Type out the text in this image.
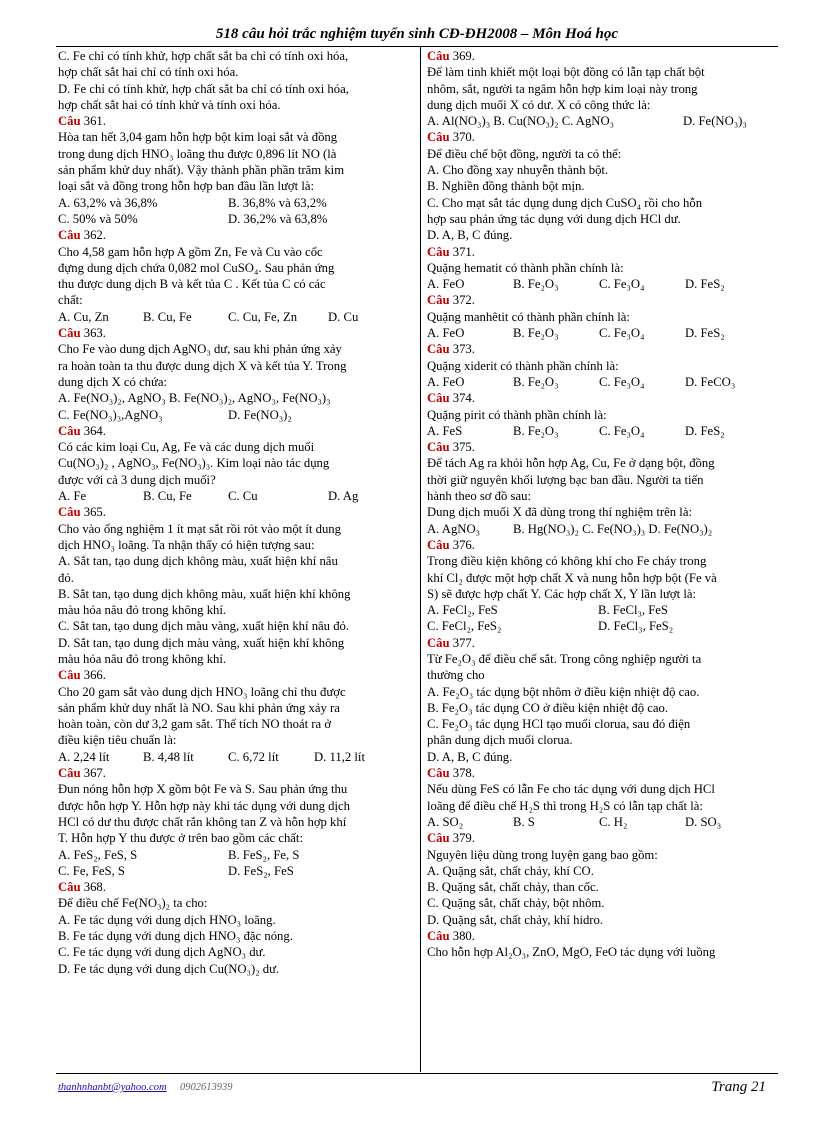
518 câu hỏi trắc nghiệm tuyển sinh CĐ-ĐH2008 – Môn Hoá học
C. Fe chỉ có tính khử, hợp chất sắt ba chỉ có tính oxi hóa,
hợp chất sắt hai chỉ có tính oxi hóa.
D. Fe chỉ có tính khử, hợp chất sắt ba chỉ có tính oxi hóa,
hợp chất sắt hai có tính khử và tính oxi hóa.
Câu 361.
Hòa tan hết 3,04 gam hỗn hợp bột kim loại sắt và đồng
trong dung dịch HNO₃ loãng thu được 0,896 lít NO (là
sản phẩm khử duy nhất). Vậy thành phần phần trăm kim
loại sắt và đồng trong hỗn hợp ban đầu lần lượt là:
A. 63,2% và 36,8%	B. 36,8% và 63,2%
C. 50% và 50%	D. 36,2% và 63,8%
Câu 362.
Cho 4,58 gam hỗn hợp A gồm Zn, Fe và Cu vào cốc
đựng dung dịch chứa 0,082 mol CuSO₄. Sau phản ứng
thu được dung dịch B và kết tủa C . Kết tủa C có các
chất:
A. Cu, Zn	B. Cu, Fe	C. Cu, Fe, Zn	D. Cu
Câu 363.
Cho Fe vào dung dịch AgNO₃ dư, sau khi phản ứng xảy
ra hoàn toàn ta thu được dung dịch X và kết tủa Y. Trong
dung dịch X có chứa:
A. Fe(NO₃)₂, AgNO₃ B. Fe(NO₃)₂, AgNO₃, Fe(NO₃)₃
C. Fe(NO₃)₃,AgNO₃	D. Fe(NO₃)₂
Câu 364.
Có các kim loại Cu, Ag, Fe và các dung dịch muối
Cu(NO₃)₂ , AgNO₃, Fe(NO₃)₃. Kim loại nào tác dụng
được với cả 3 dung dịch muối?
A. Fe	B. Cu, Fe	C. Cu	D. Ag
Câu 365.
Cho vào ống nghiệm 1 ít mạt sắt rồi rót vào một ít dung
dịch HNO₃ loãng. Ta nhận thấy có hiện tượng sau:
A. Sắt tan, tạo dung dịch không màu, xuất hiện khí nâu
đỏ.
B. Sắt tan, tạo dung dịch không màu, xuất hiện khí không
màu hóa nâu đỏ trong không khí.
C. Sắt tan, tạo dung dịch màu vàng, xuất hiện khí nâu đỏ.
D. Sắt tan, tạo dung dịch màu vàng, xuất hiện khí không
màu hóa nâu đỏ trong không khí.
Câu 366.
Cho 20 gam sắt vào dung dịch HNO₃ loãng chỉ thu được
sản phẩm khử duy nhất là NO. Sau khi phản ứng xảy ra
hoàn toàn, còn dư 3,2 gam sắt. Thể tích NO thoát ra ở
điều kiện tiêu chuẩn là:
A. 2,24 lít	B. 4,48 lít	C. 6,72 lít	D. 11,2 lít
Câu 367.
Đun nóng hỗn hợp X gồm bột Fe và S. Sau phản ứng thu
được hỗn hợp Y. Hỗn hợp này khi tác dụng với dung dịch
HCl có dư thu được chất rắn không tan Z và hỗn hợp khí
T. Hỗn hợp Y thu được ở trên bao gồm các chất:
A. FeS₂, FeS, S	B. FeS₂, Fe, S
C. Fe, FeS, S	D. FeS₂, FeS
Câu 368.
Để điều chế Fe(NO₃)₂ ta cho:
A. Fe tác dụng với dung dịch HNO₃ loãng.
B. Fe tác dụng với dung dịch HNO₃ đặc nóng.
C. Fe tác dụng với dung dịch AgNO₃ dư.
D. Fe tác dụng với dung dịch Cu(NO₃)₂ dư.
Câu 369.
Để làm tinh khiết một loại bột đồng có lẫn tạp chất bột
nhôm, sắt, người ta ngâm hỗn hợp kim loại này trong
dung dịch muối X có dư. X có công thức là:
A. Al(NO₃)₃ B. Cu(NO₃)₂ C. AgNO₃	D. Fe(NO₃)₃
Câu 370.
Để điều chế bột đồng, người ta có thể:
A. Cho đồng xay nhuyễn thành bột.
B. Nghiền đồng thành bột mịn.
C. Cho mạt sắt tác dụng dung dịch CuSO₄ rồi cho hỗn
hợp sau phản ứng tác dụng với dung dịch HCl dư.
D. A, B, C đúng.
Câu 371.
Quặng hematit có thành phần chính là:
A. FeO	B. Fe₂O₃	C. Fe₃O₄	D. FeS₂
Câu 372.
Quặng manhêtit có thành phần chính là:
A. FeO	B. Fe₂O₃	C. Fe₃O₄	D. FeS₂
Câu 373.
Quặng xiderit có thành phần chính là:
A. FeO	B. Fe₂O₃	C. Fe₃O₄	D. FeCO₃
Câu 374.
Quặng pirit có thành phần chính là:
A. FeS	B. Fe₂O₃	C. Fe₃O₄	D. FeS₂
Câu 375.
Để tách Ag ra khỏi hỗn hợp Ag, Cu, Fe ở dạng bột, đồng
thời giữ nguyên khối lượng bạc ban đầu. Người ta tiến
hành theo sơ đồ sau:
Dung dịch muối X đã dùng trong thí nghiệm trên là:
A. AgNO₃	B. Hg(NO₃)₂ C. Fe(NO₃)₃ D. Fe(NO₃)₂
Câu 376.
Trong điều kiện không có không khí cho Fe cháy trong
khí Cl₂ được một hợp chất X và nung hỗn hợp bột (Fe và
S) sẽ được hợp chất Y. Các hợp chất X, Y lần lượt là:
A. FeCl₂, FeS	B. FeCl₃, FeS
C. FeCl₂, FeS₂	D. FeCl₃, FeS₂
Câu 377.
Từ Fe₂O₃ để điều chế sắt. Trong công nghiệp người ta
thường cho
A. Fe₂O₃ tác dụng bột nhôm ở điều kiện nhiệt độ cao.
B. Fe₂O₃ tác dụng CO ở điều kiện nhiệt độ cao.
C. Fe₂O₃ tác dụng HCl tạo muối clorua, sau đó điện
phân dung dịch muối clorua.
D. A, B, C đúng.
Câu 378.
Nếu dùng FeS có lẫn Fe cho tác dụng với dung dịch HCl
loãng để điều chế H₂S thì trong H₂S có lẫn tạp chất là:
A. SO₂	B. S	C. H₂	D. SO₃
Câu 379.
Nguyên liệu dùng trong luyện gang bao gồm:
A. Quặng sắt, chất chảy, khí CO.
B. Quặng sắt, chất chảy, than cốc.
C. Quặng sắt, chất chảy, bột nhôm.
D. Quặng sắt, chất chảy, khí hidro.
Câu 380.
Cho hỗn hợp Al₂O₃, ZnO, MgO, FeO tác dụng với luồng
thanhnhanbt@yahoo.com 0902613939	Trang 21
